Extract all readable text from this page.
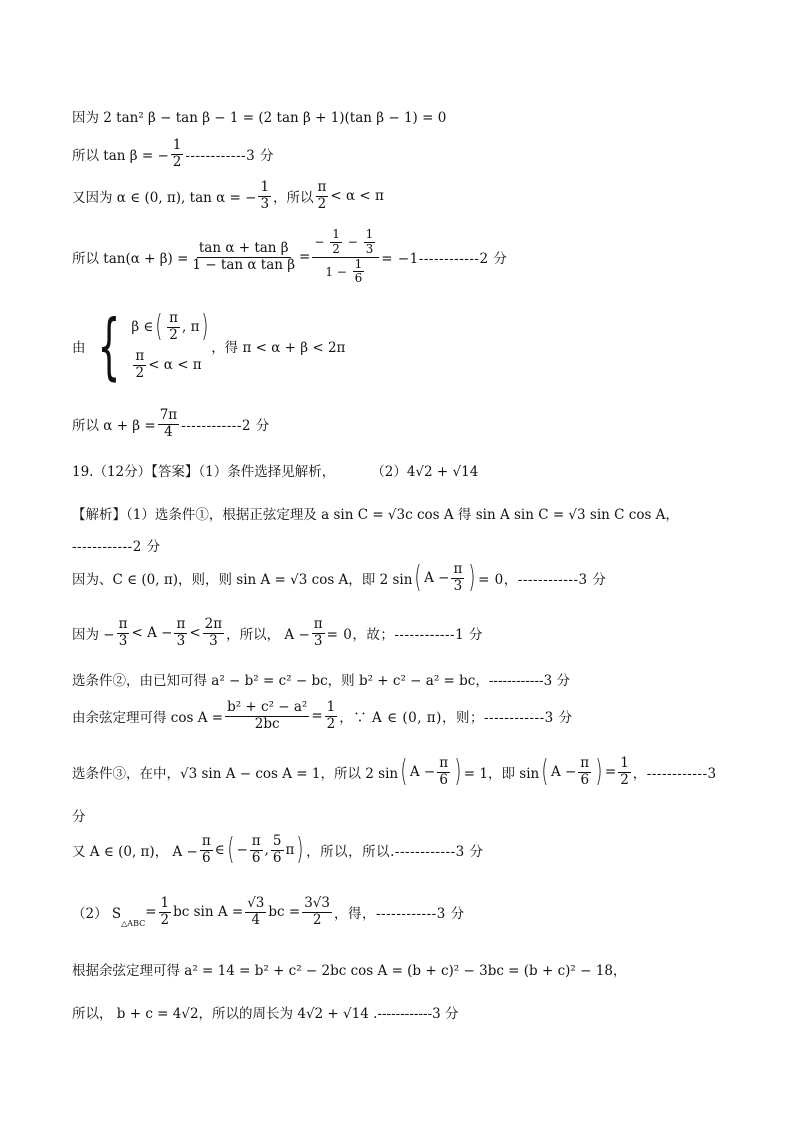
因为 2 tan² β − tan β − 1 = (2 tan β + 1)(tan β − 1) = 0
所以 tan β = − $\frac{1}{2} ------------3$ 分
又因为 α ∈ (0, π), tan α = − $\frac{1}{3}$ ，所以 $\frac{\pi}{2} < \alpha < \pi$
所以 $\tan(\alpha + \beta) = \frac{\text{tan α + tan β}}{\text{1 − tan α tan β}} = \frac{- \frac{1}{2} - \frac{1}{3}}{1 - \frac{1}{6}} = -1------------2$ 分
由 { β ∈ ( $\frac{\pi}{2}$ , π )
$\frac{\pi}{2} < \alpha < \pi$
，得 π < α + β < 2π
所以 $\alpha + \beta = \frac{7\pi}{4} ------------2$ 分
19.（12分）【答案】（1）条件选择见解析，	（2）4√2 + √14
【解析】（1）选条件①，根据正弦定理及 a sin C = √3c cos A 得 sin A sin C = √3 sin C cos A，
------------2 分
因为、C ∈ (0, π)，则，则 sin A = √3 cos A，即 2 sin ( $A - \frac{\pi}{3}$ ) = 0，------------3 分
因为 − $\frac{\pi}{3} < A - \frac{\pi}{3} < \frac{2\pi}{3}$ ，所以， $A - \frac{\pi}{3} = 0$，故；------------1 分
选条件②，由已知可得 a² − b² = c² − bc，则 b² + c² − a² = bc，------------3 分
由余弦定理可得 $\cos A = \frac{\text{b² + c² − a²}}{2bc} = \frac{1}{2}$ ，∵ A ∈ (0, π)，则；------------3 分
选条件③，在中，√3 sin A − cos A = 1，所以 2 sin ( $A - \frac{\pi}{6}$ ) = 1，即 sin ( $A - \frac{\pi}{6}$ ) = $\frac{1}{2}$ ，------------3
分
又 A ∈ (0, π)， $A - \frac{\pi}{6}$ ∈ ( − $\frac{\pi}{6}$ , $\frac{5}{6}$ π ) ，所以，所以.------------3 分
（2） S
$_{\triangle ABC}$
= $\frac{1}{2}$ bc $\sin A = \frac{√3}{4}$ bc = $\frac{3√3}{2}$ ，得，------------3 分
根据余弦定理可得 a² = 14 = b² + c² − 2bc cos A = (b + c)² − 3bc = (b + c)² − 18，
所以， b + c = 4√2，所以的周长为 4√2 + √14 .------------3 分
